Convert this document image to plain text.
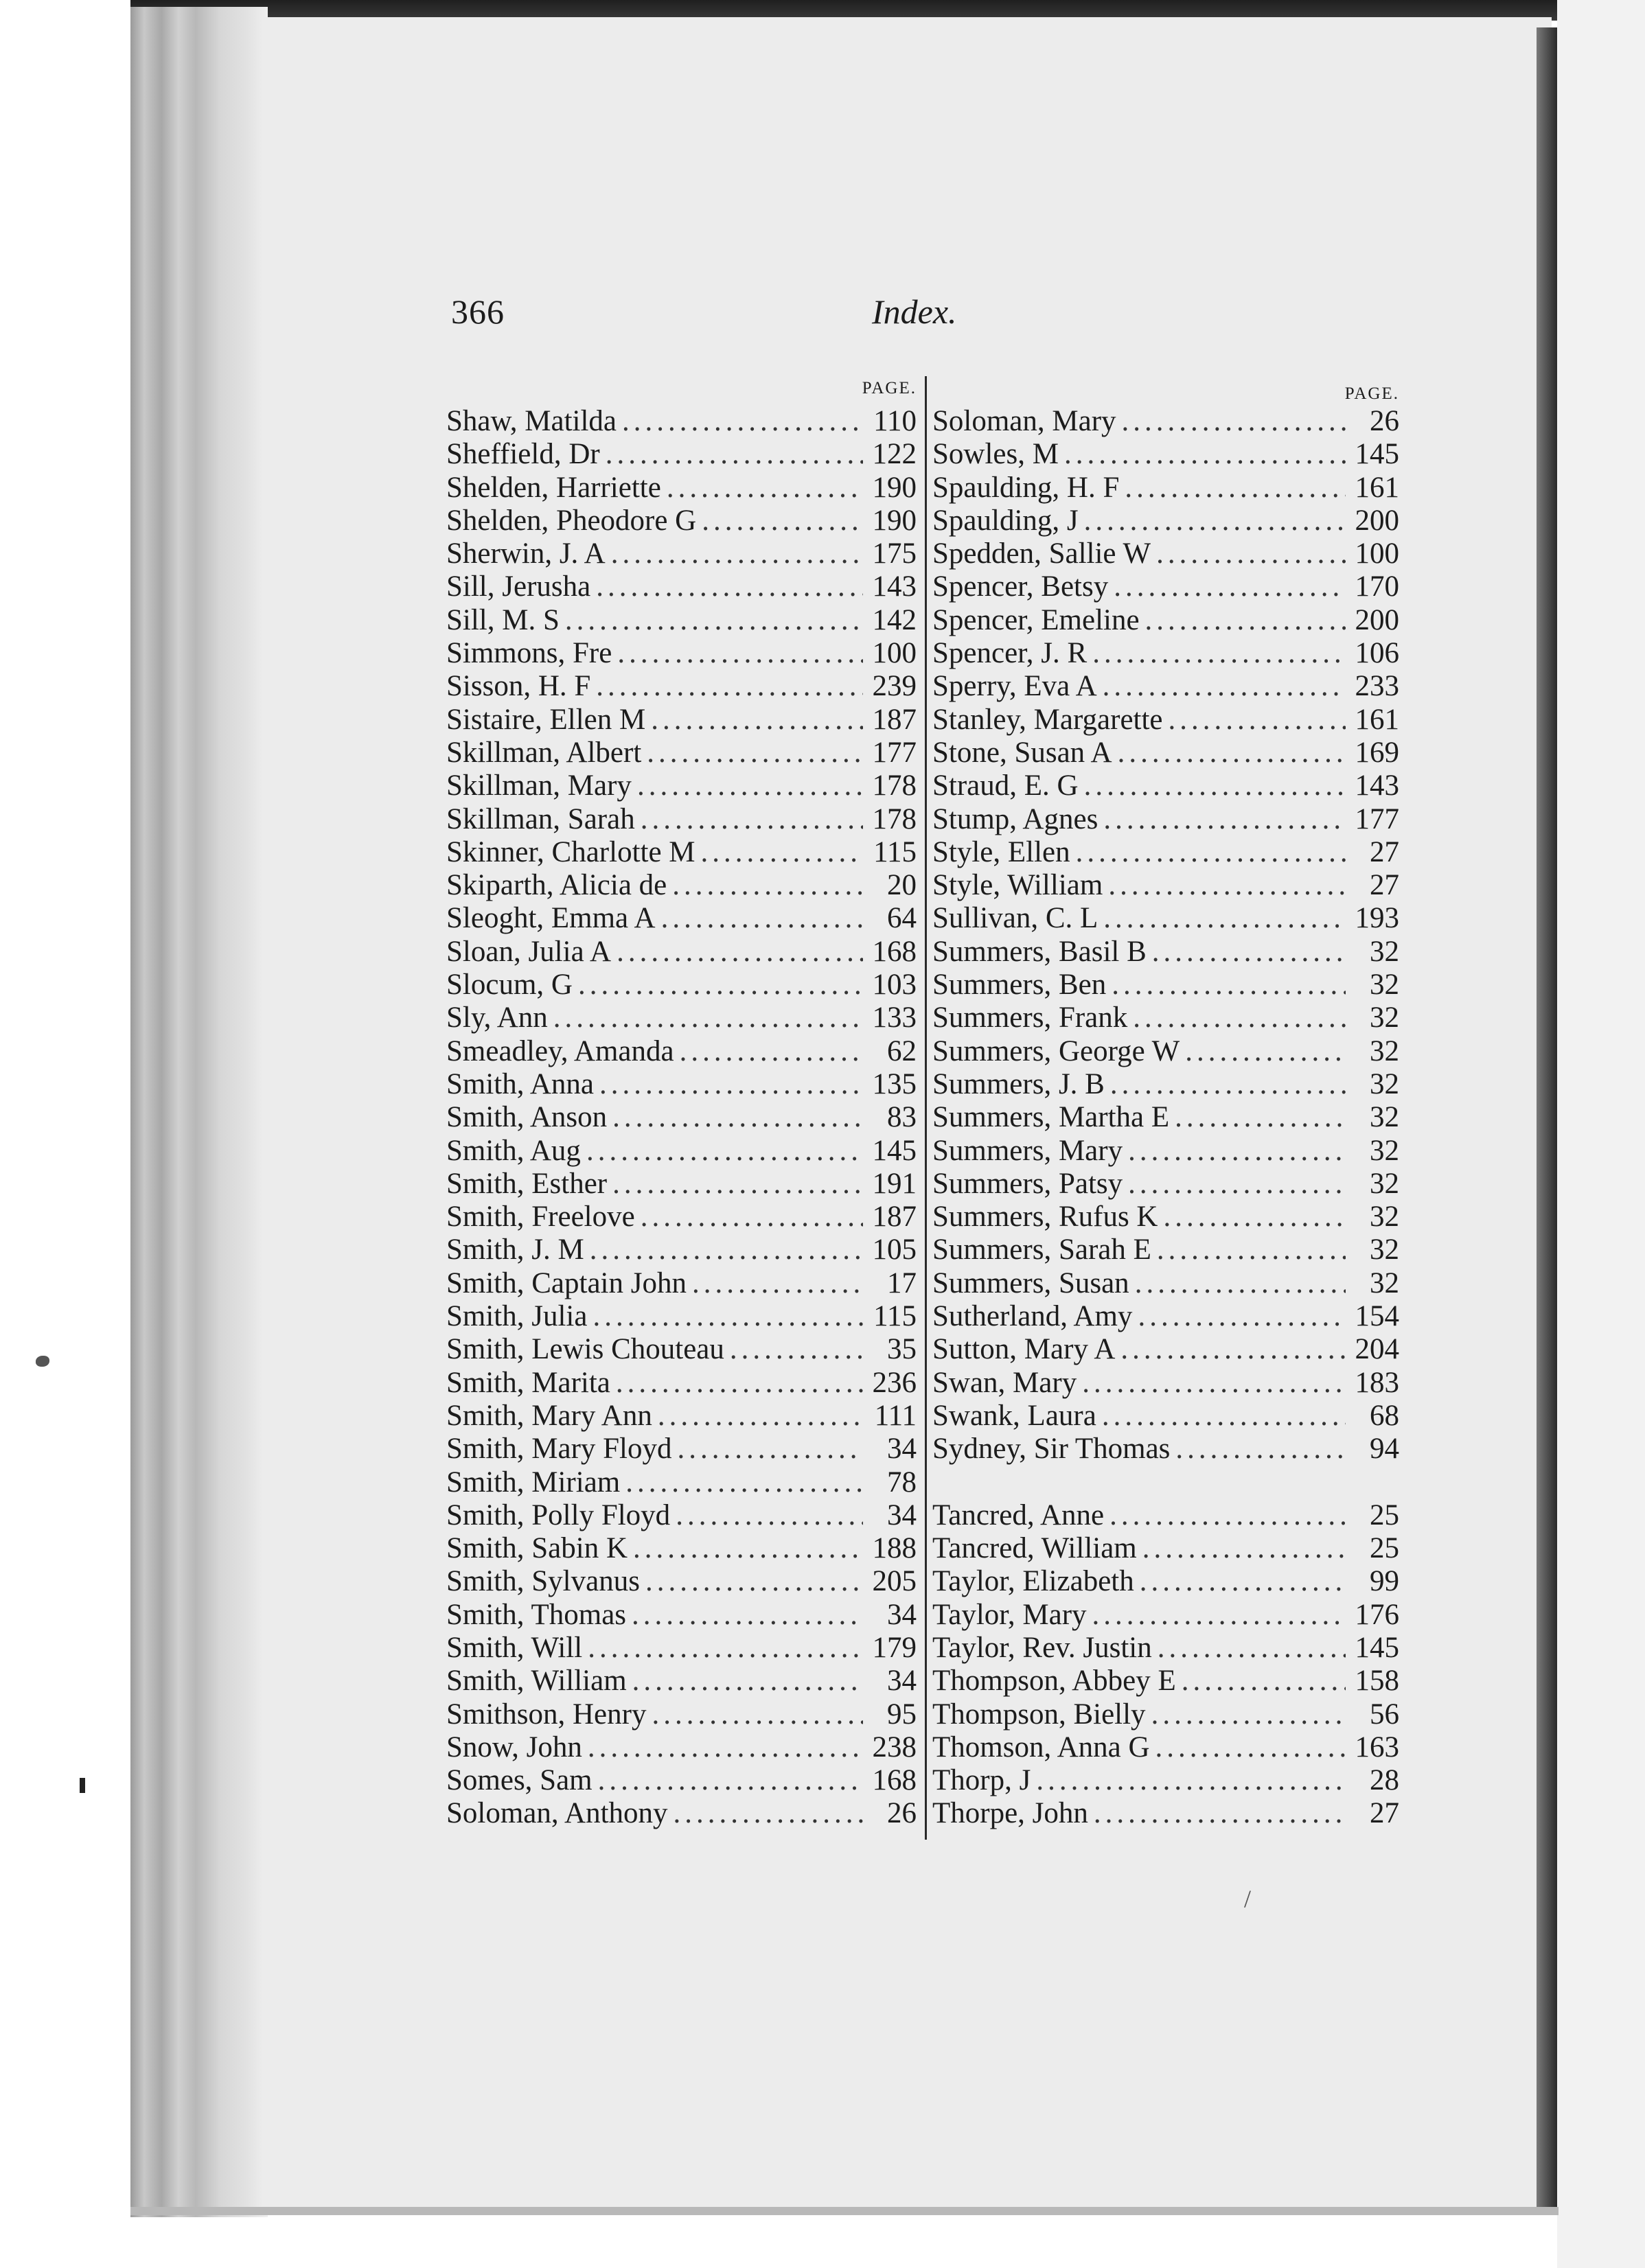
/
366	Index.
PAGE.
Shaw, Matilda .....	110
Sheffield, Dr .....	122
Shelden, Harriette .....	190
Shelden, Pheodore G .....	190
Sherwin, J. A .....	175
Sill, Jerusha .....	143
Sill, M. S .....	142
Simmons, Fre .....	100
Sisson, H. F .....	239
Sistaire, Ellen M .....	187
Skillman, Albert .....	177
Skillman, Mary .....	178
Skillman, Sarah .....	178
Skinner, Charlotte M .....	115
Skiparth, Alicia de .....	20
Sleoght, Emma A .....	64
Sloan, Julia A .....	168
Slocum, G .....	103
Sly, Ann .....	133
Smeadley, Amanda .....	62
Smith, Anna .....	135
Smith, Anson .....	83
Smith, Aug .....	145
Smith, Esther .....	191
Smith, Freelove .....	187
Smith, J. M .....	105
Smith, Captain John .....	17
Smith, Julia .....	115
Smith, Lewis Chouteau .....	35
Smith, Marita .....	236
Smith, Mary Ann .....	111
Smith, Mary Floyd .....	34
Smith, Miriam .....	78
Smith, Polly Floyd .....	34
Smith, Sabin K .....	188
Smith, Sylvanus .....	205
Smith, Thomas .....	34
Smith, Will .....	179
Smith, William .....	34
Smithson, Henry .....	95
Snow, John .....	238
Somes, Sam .....	168
Soloman, Anthony .....	26
PAGE.
Soloman, Mary .....	26
Sowles, M .....	145
Spaulding, H. F .....	161
Spaulding, J .....	200
Spedden, Sallie W .....	100
Spencer, Betsy .....	170
Spencer, Emeline .....	200
Spencer, J. R .....	106
Sperry, Eva A .....	233
Stanley, Margarette .....	161
Stone, Susan A .....	169
Straud, E. G .....	143
Stump, Agnes .....	177
Style, Ellen .....	27
Style, William .....	27
Sullivan, C. L .....	193
Summers, Basil B .....	32
Summers, Ben .....	32
Summers, Frank .....	32
Summers, George W .....	32
Summers, J. B .....	32
Summers, Martha E .....	32
Summers, Mary .....	32
Summers, Patsy .....	32
Summers, Rufus K .....	32
Summers, Sarah E .....	32
Summers, Susan .....	32
Sutherland, Amy .....	154
Sutton, Mary A .....	204
Swan, Mary .....	183
Swank, Laura .....	68
Sydney, Sir Thomas .....	94
Tancred, Anne .....	25
Tancred, William .....	25
Taylor, Elizabeth .....	99
Taylor, Mary .....	176
Taylor, Rev. Justin .....	145
Thompson, Abbey E .....	158
Thompson, Bielly .....	56
Thomson, Anna G .....	163
Thorp, J .....	28
Thorpe, John .....	27
